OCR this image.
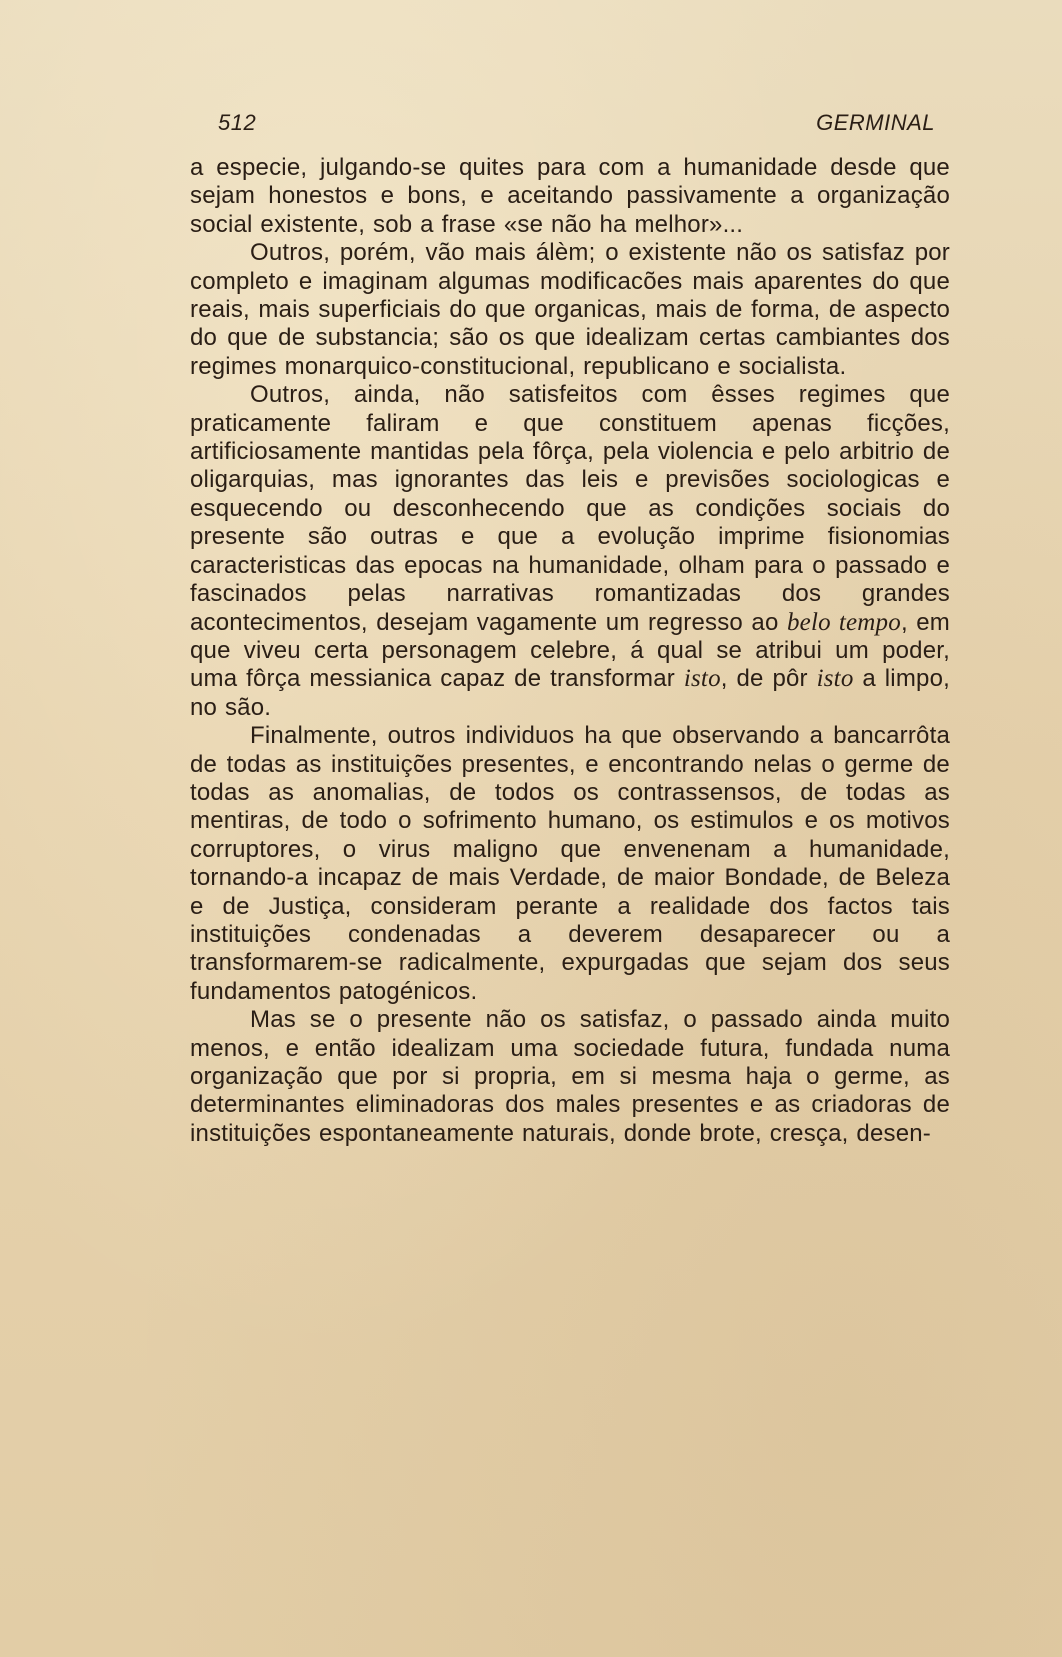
512	GERMINAL

a especie, julgando-se quites para com a humanidade desde que sejam honestos e bons, e aceitando passivamente a organização social existente, sob a frase «se não ha melhor»...

Outros, porém, vão mais álèm; o existente não os satisfaz por completo e imaginam algumas modificacões mais aparentes do que reais, mais superficiais do que organicas, mais de forma, de aspecto do que de substancia; são os que idealizam certas cambiantes dos regimes monarquico-constitucional, republicano e socialista.

Outros, ainda, não satisfeitos com êsses regimes que praticamente faliram e que constituem apenas ficções, artificiosamente mantidas pela fôrça, pela violencia e pelo arbitrio de oligarquias, mas ignorantes das leis e previsões sociologicas e esquecendo ou desconhecendo que as condições sociais do presente são outras e que a evolução imprime fisionomias caracteristicas das epocas na humanidade, olham para o passado e fascinados pelas narrativas romantizadas dos grandes acontecimentos, desejam vagamente um regresso ao belo tempo, em que viveu certa personagem celebre, á qual se atribui um poder, uma fôrça messianica capaz de transformar isto, de pôr isto a limpo, no são.

Finalmente, outros individuos ha que observando a bancarrôta de todas as instituições presentes, e encontrando nelas o germe de todas as anomalias, de todos os contrassensos, de todas as mentiras, de todo o sofrimento humano, os estimulos e os motivos corruptores, o virus maligno que envenenam a humanidade, tornando-a incapaz de mais Verdade, de maior Bondade, de Beleza e de Justiça, consideram perante a realidade dos factos tais instituições condenadas a deverem desaparecer ou a transformarem-se radicalmente, expurgadas que sejam dos seus fundamentos patogénicos.

Mas se o presente não os satisfaz, o passado ainda muito menos, e então idealizam uma sociedade futura, fundada numa organização que por si propria, em si mesma haja o germe, as determinantes eliminadoras dos males presentes e as criadoras de instituições espontaneamente naturais, donde brote, cresça, desen-
